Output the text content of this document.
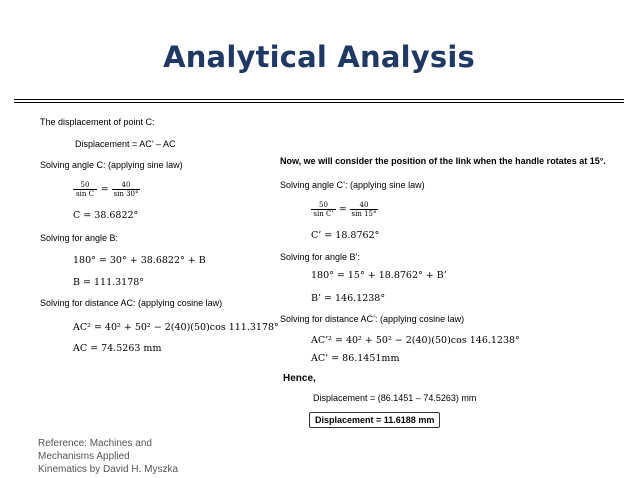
Analytical Analysis
The displacement of point C:
Displacement = AC’ – AC
Solving angle C: (applying sine law)
$\frac{50}{\text{sin C}} = \frac{40}{\sin 30^\circ}$
C = 38.6822°
Solving for angle B:
180° = 30° + 38.6822° + B
B = 111.3178°
Solving for distance AC: (applying cosine law)
AC² = 40² + 50² − 2(40)(50)cos 111.3178°
AC = 74.5263 mm
Now, we will consider the position of the link when the handle rotates at 15°.
Solving angle C’: (applying sine law)
$\frac{50}{\text{sin C’}} = \frac{40}{\sin 15^\circ}$
C’ = 18.8762°
Solving for angle B’:
180° = 15° + 18.8762° + B’
B’ = 146.1238°
Solving for distance AC’: (applying cosine law)
AC’² = 40² + 50² − 2(40)(50)cos 146.1238°
AC’ = 86.1451mm
Hence,
Displacement = (86.1451 – 74.5263) mm
Displacement = 11.6188 mm
Reference: Machines and
Mechanisms Applied
Kinematics by David H. Myszka
